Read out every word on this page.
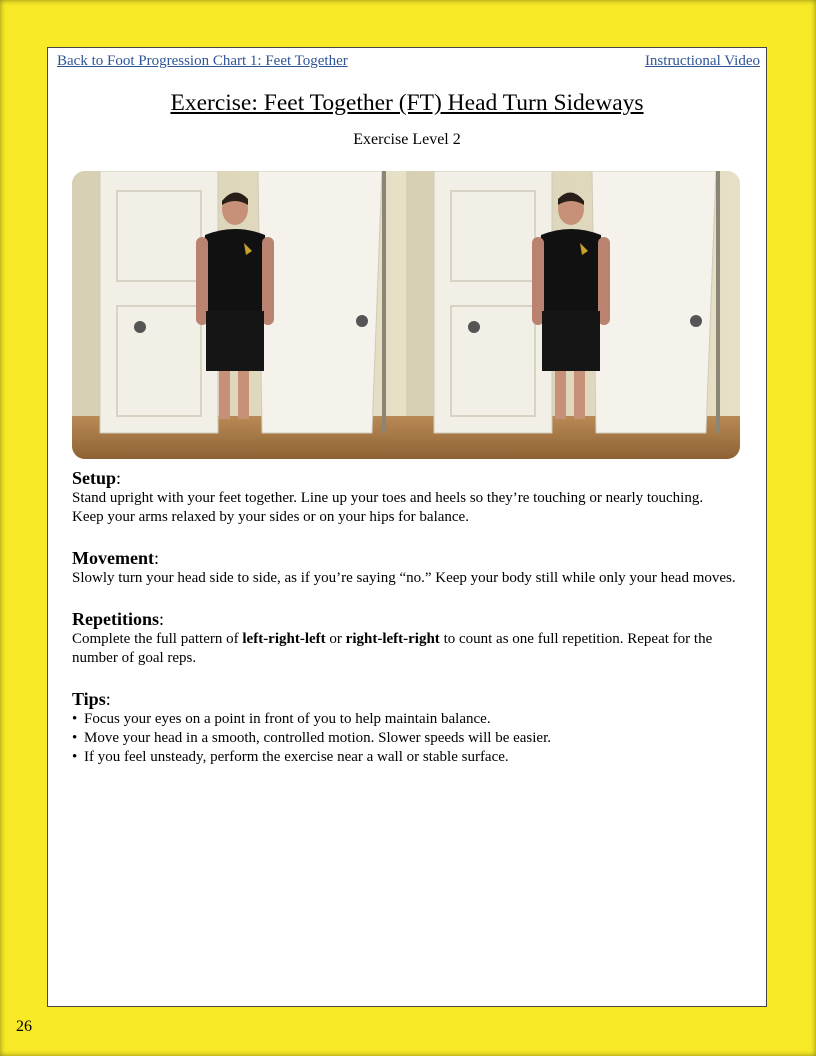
Back to Foot Progression Chart 1: Feet Together	Instructional Video
Exercise: Feet Together (FT) Head Turn Sideways
Exercise Level 2

Setup:

Stand upright with your feet together. Line up your toes and heels so they’re touching or nearly touching. Keep your arms relaxed by your sides or on your hips for balance.

Movement:

Slowly turn your head side to side, as if you’re saying “no.” Keep your body still while only your head moves.

Repetitions:

Complete the full pattern of left-right-left or right-left-right to count as one full repetition. Repeat for the number of goal reps.

Tips:

• Focus your eyes on a point in front of you to help maintain balance.
• Move your head in a smooth, controlled motion. Slower speeds will be easier.
• If you feel unsteady, perform the exercise near a wall or stable surface.
26
